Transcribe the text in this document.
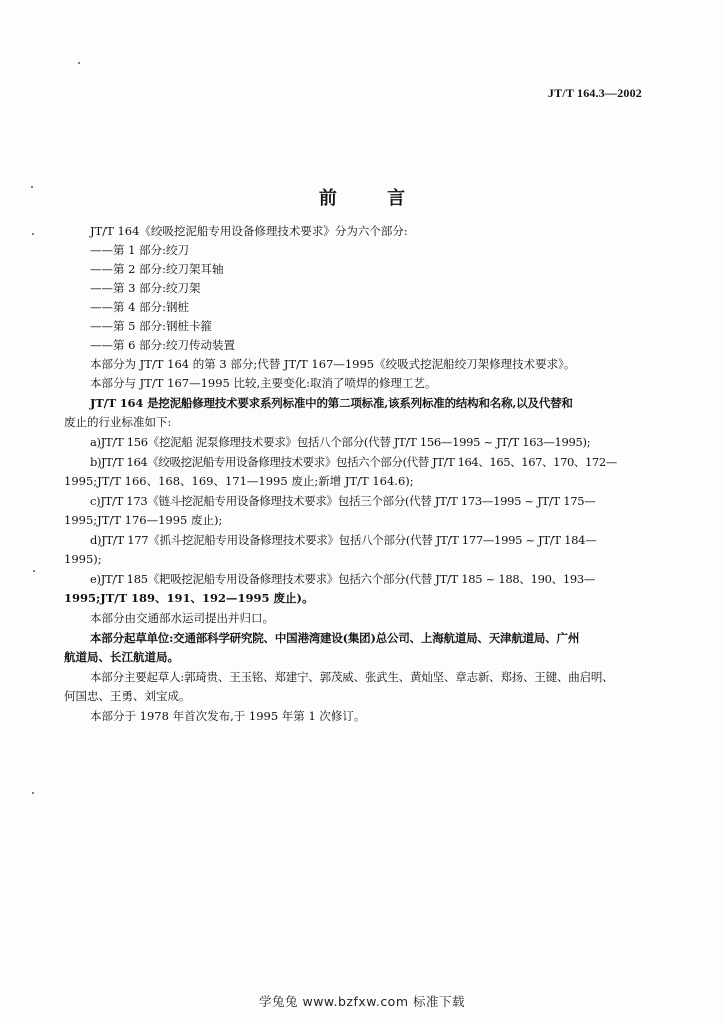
JT/T 164.3—2002
前 言
JT/T 164《绞吸挖泥船专用设备修理技术要求》分为六个部分:
——第 1 部分:绞刀
——第 2 部分:绞刀架耳轴
——第 3 部分:绞刀架
——第 4 部分:钢桩
——第 5 部分:钢桩卡箍
——第 6 部分:绞刀传动装置
本部分为 JT/T 164 的第 3 部分;代替 JT/T 167—1995《绞吸式挖泥船绞刀架修理技术要求》。
本部分与 JT/T 167—1995 比较,主要变化:取消了喷焊的修理工艺。
JT/T 164 是挖泥船修理技术要求系列标准中的第二项标准,该系列标准的结构和名称,以及代替和
废止的行业标准如下:
a)JT/T 156《挖泥船 泥泵修理技术要求》包括八个部分(代替 JT/T 156—1995 ~ JT/T 163—1995);
b)JT/T 164《绞吸挖泥船专用设备修理技术要求》包括六个部分(代替 JT/T 164、165、167、170、172—
1995;JT/T 166、168、169、171—1995 废止;新增 JT/T 164.6);
c)JT/T 173《链斗挖泥船专用设备修理技术要求》包括三个部分(代替 JT/T 173—1995 ~ JT/T 175—
1995;JT/T 176—1995 废止);
d)JT/T 177《抓斗挖泥船专用设备修理技术要求》包括八个部分(代替 JT/T 177—1995 ~ JT/T 184—
1995);
e)JT/T 185《耙吸挖泥船专用设备修理技术要求》包括六个部分(代替 JT/T 185 ~ 188、190、193—
1995;JT/T 189、191、192—1995 废止)。
本部分由交通部水运司提出并归口。
本部分起草单位:交通部科学研究院、中国港湾建设(集团)总公司、上海航道局、天津航道局、广州
航道局、长江航道局。
本部分主要起草人:郭琦贵、王玉铭、郑建宁、郭茂威、张武生、黄灿坚、章志新、郑扬、王键、曲启明、
何国忠、王勇、刘宝成。
本部分于 1978 年首次发布,于 1995 年第 1 次修订。
学兔兔 www.bzfxw.com 标准下载
